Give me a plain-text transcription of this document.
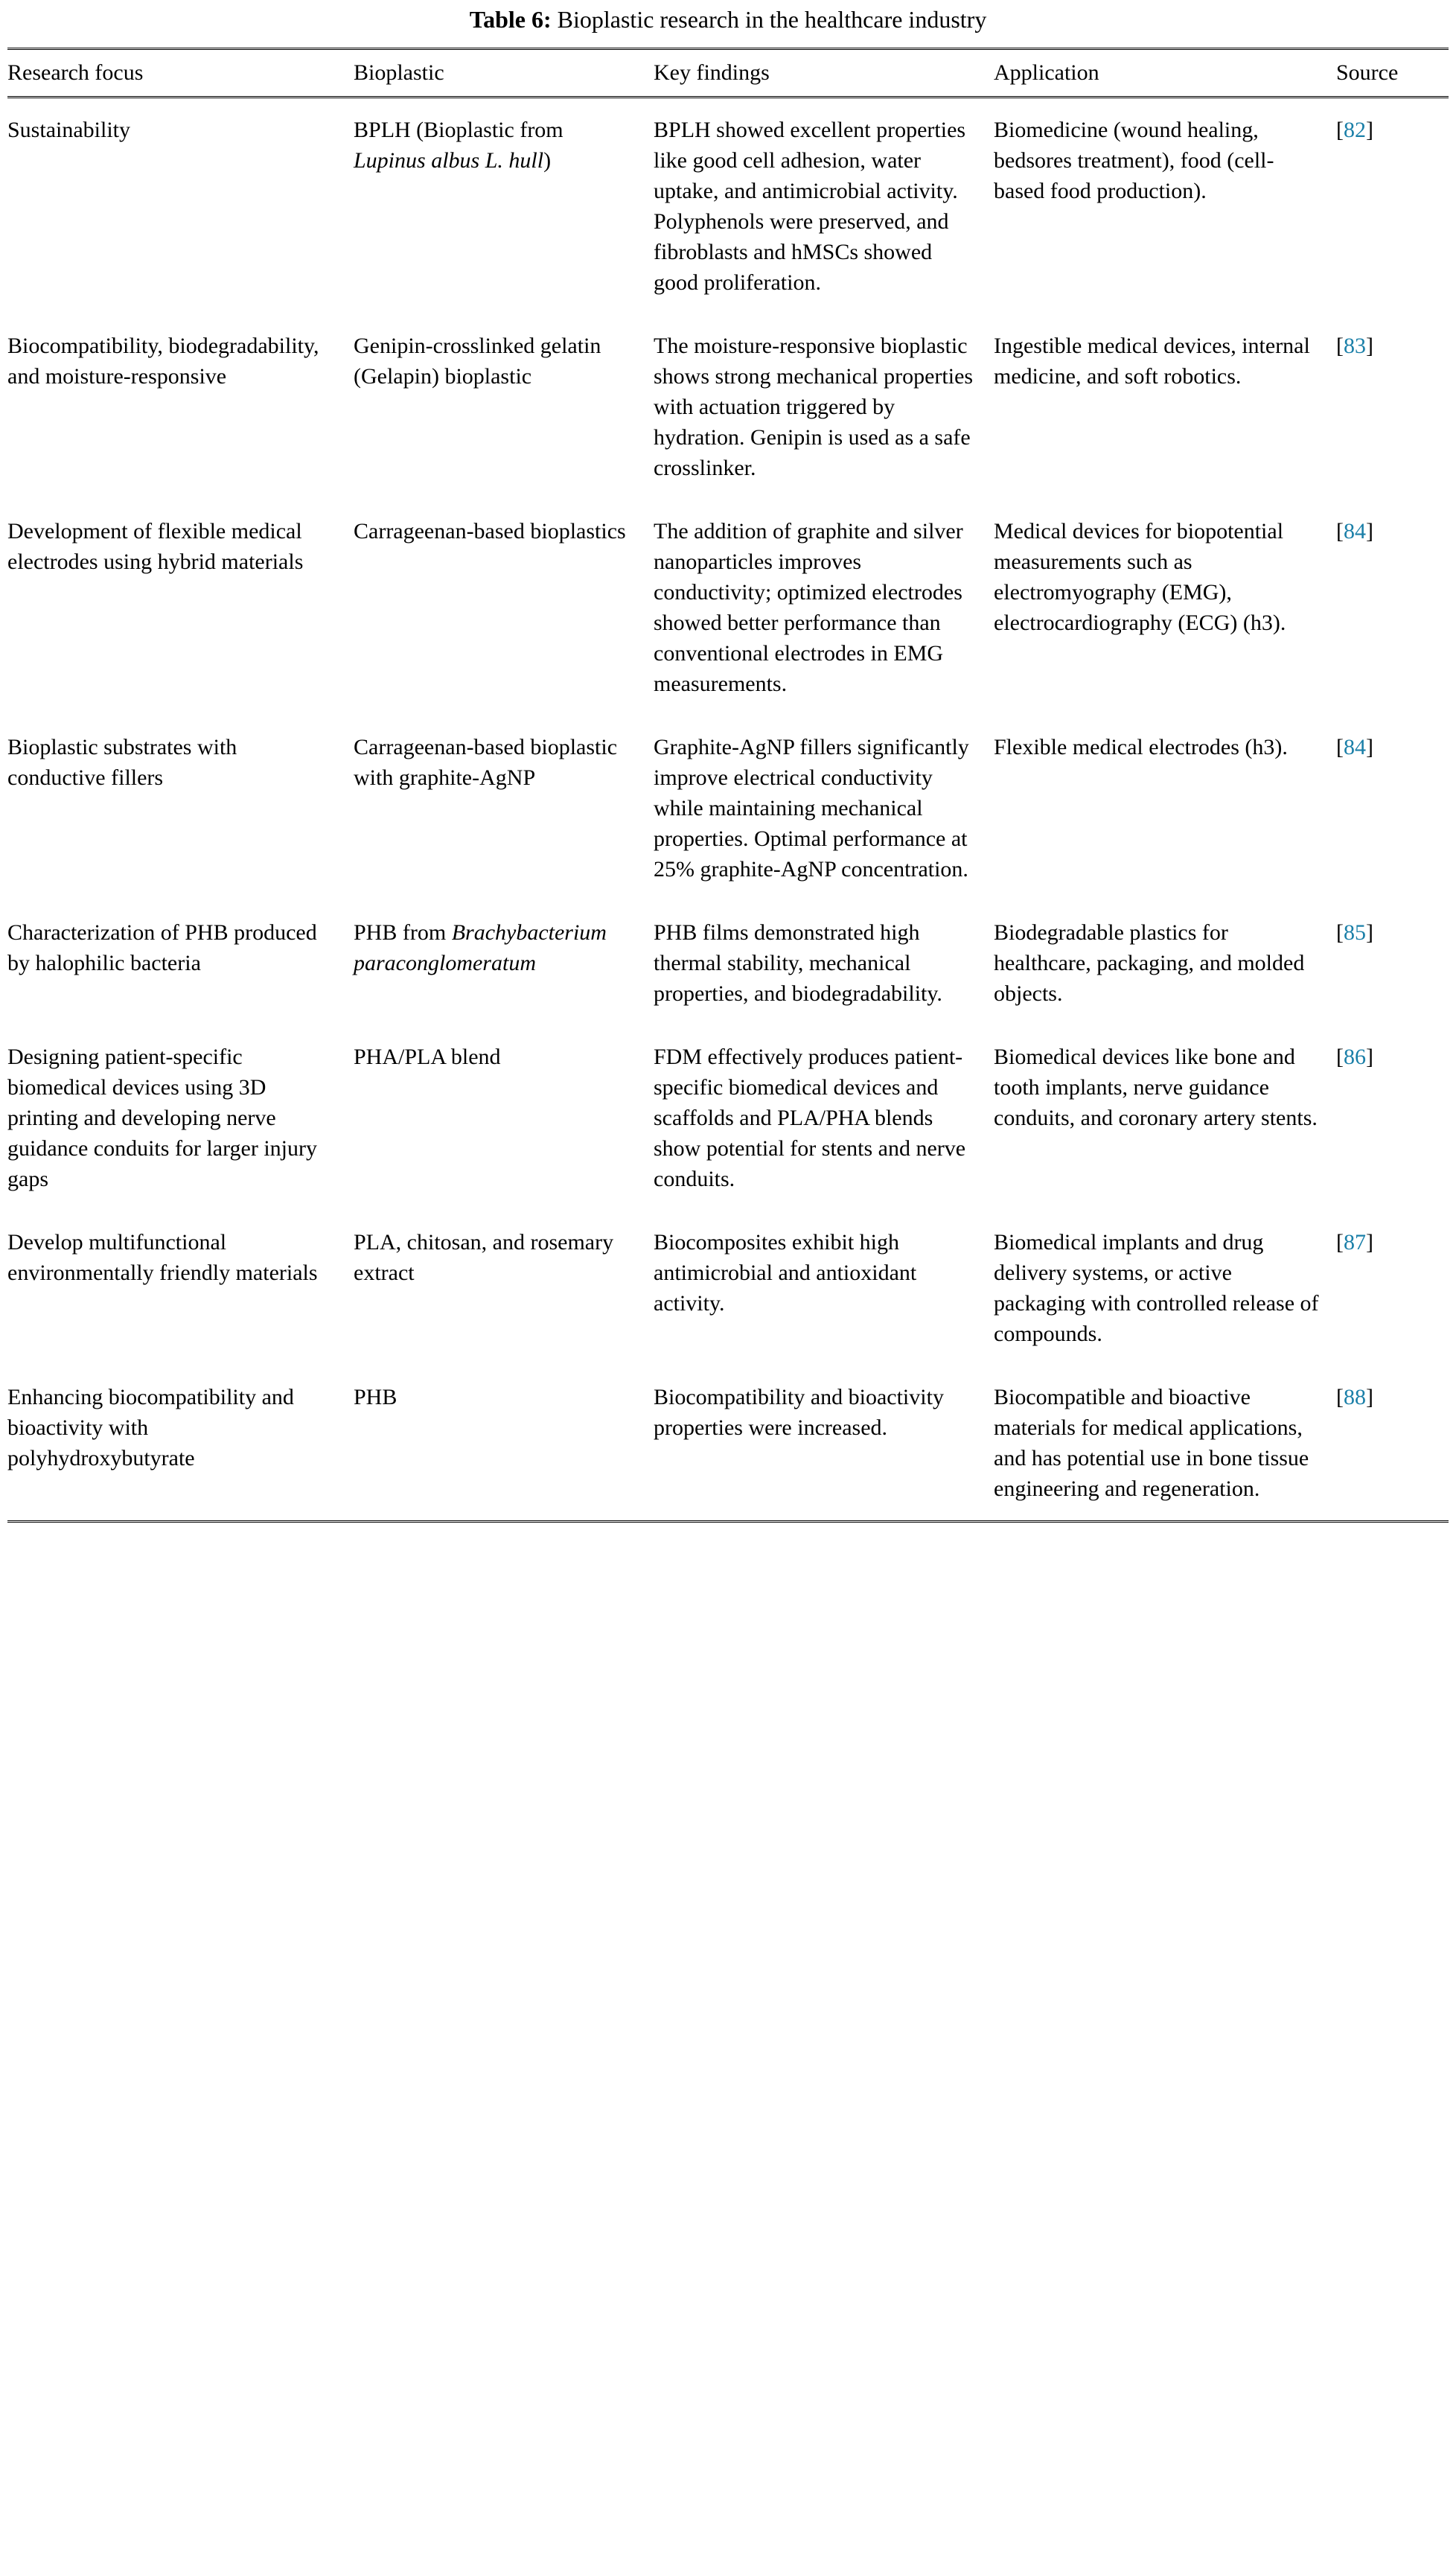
Table 6: Bioplastic research in the healthcare industry
Research focus	Bioplastic	Key findings	Application	Source
Sustainability	BPLH (Bioplastic from Lupinus albus L. hull)	BPLH showed excellent properties like good cell adhesion, water uptake, and antimicrobial activity. Polyphenols were preserved, and fibroblasts and hMSCs showed good proliferation.	Biomedicine (wound healing, bedsores treatment), food (cell-based food production).	[82]
Biocompatibility, biodegradability, and moisture-responsive	Genipin-crosslinked gelatin (Gelapin) bioplastic	The moisture-responsive bioplastic shows strong mechanical properties with actuation triggered by hydration. Genipin is used as a safe crosslinker.	Ingestible medical devices, internal medicine, and soft robotics.	[83]
Development of flexible medical electrodes using hybrid materials	Carrageenan-based bioplastics	The addition of graphite and silver nanoparticles improves conductivity; optimized electrodes showed better performance than conventional electrodes in EMG measurements.	Medical devices for biopotential measurements such as electromyography (EMG), electrocardiography (ECG) (h3).	[84]
Bioplastic substrates with conductive fillers	Carrageenan-based bioplastic with graphite-AgNP	Graphite-AgNP fillers significantly improve electrical conductivity while maintaining mechanical properties. Optimal performance at 25% graphite-AgNP concentration.	Flexible medical electrodes (h3).	[84]
Characterization of PHB produced by halophilic bacteria	PHB from Brachybacterium paraconglomeratum	PHB films demonstrated high thermal stability, mechanical properties, and biodegradability.	Biodegradable plastics for healthcare, packaging, and molded objects.	[85]
Designing patient-specific biomedical devices using 3D printing and developing nerve guidance conduits for larger injury gaps	PHA/PLA blend	FDM effectively produces patient-specific biomedical devices and scaffolds and PLA/PHA blends show potential for stents and nerve conduits.	Biomedical devices like bone and tooth implants, nerve guidance conduits, and coronary artery stents.	[86]
Develop multifunctional environmentally friendly materials	PLA, chitosan, and rosemary extract	Biocomposites exhibit high antimicrobial and antioxidant activity.	Biomedical implants and drug delivery systems, or active packaging with controlled release of compounds.	[87]
Enhancing biocompatibility and bioactivity with polyhydroxybutyrate	PHB	Biocompatibility and bioactivity properties were increased.	Biocompatible and bioactive materials for medical applications, and has potential use in bone tissue engineering and regeneration.	[88]
